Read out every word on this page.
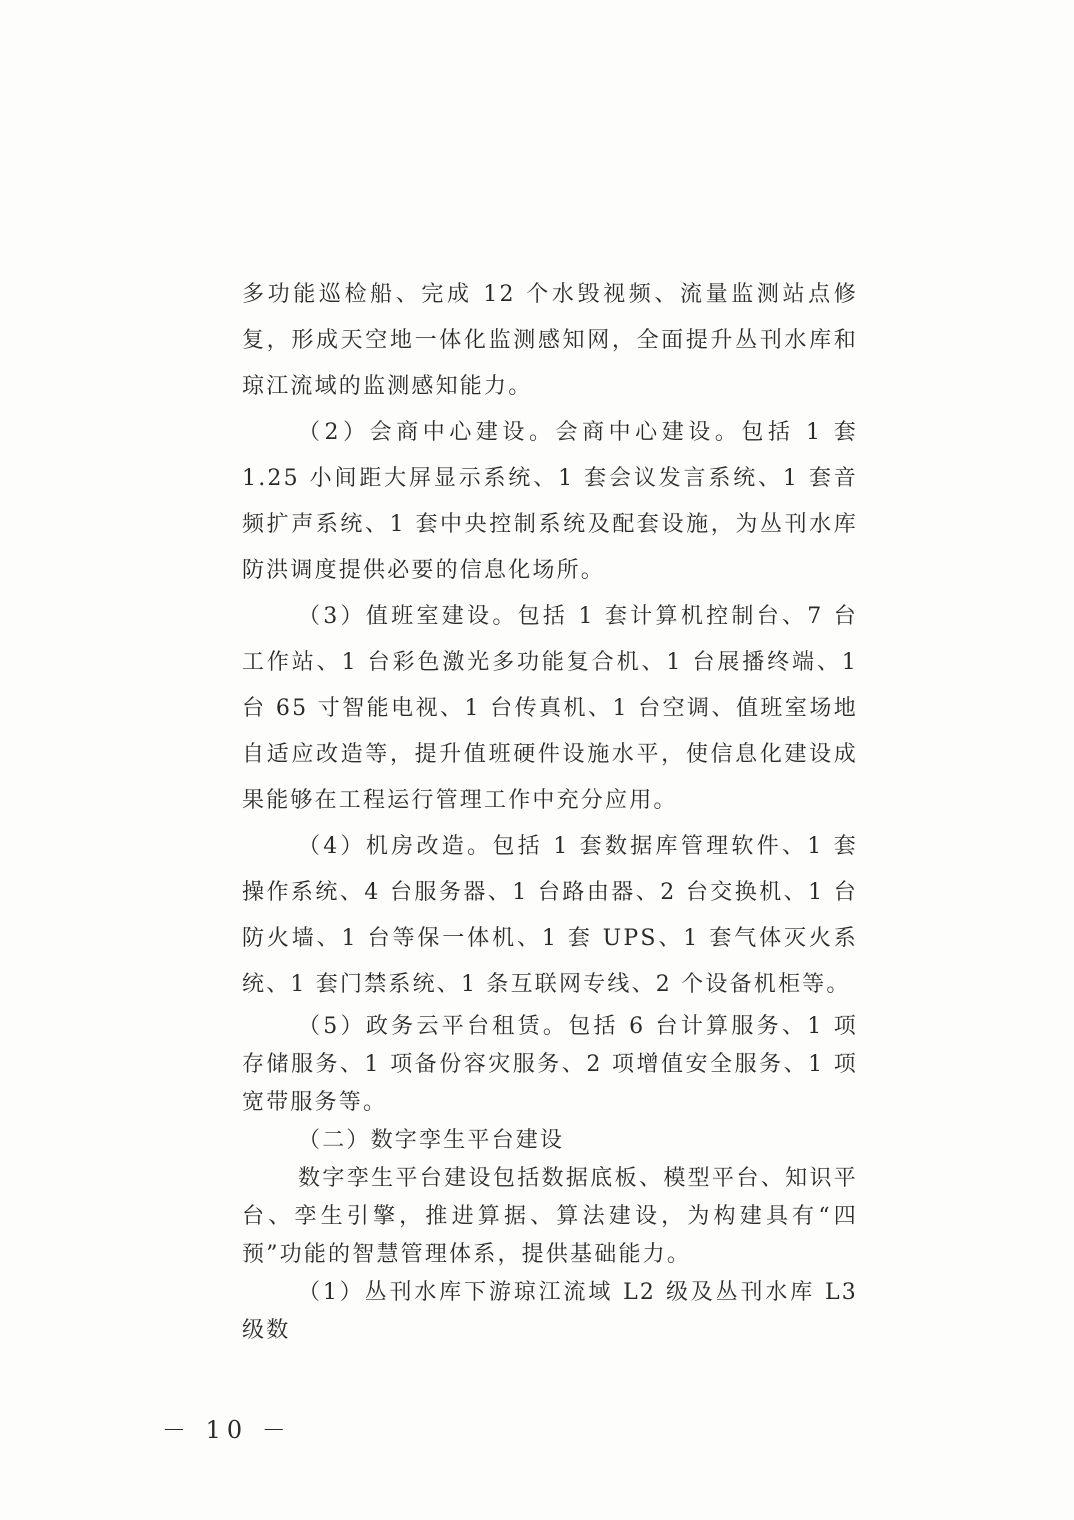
多功能巡检船、完成 12 个水毁视频、流量监测站点修复，形成天空地一体化监测感知网，全面提升丛刊水库和琼江流域的监测感知能力。

（2）会商中心建设。会商中心建设。包括 1 套 1.25 小间距大屏显示系统、1 套会议发言系统、1 套音频扩声系统、1 套中央控制系统及配套设施，为丛刊水库防洪调度提供必要的信息化场所。

（3）值班室建设。包括 1 套计算机控制台、7 台工作站、1 台彩色激光多功能复合机、1 台展播终端、1 台 65 寸智能电视、1 台传真机、1 台空调、值班室场地自适应改造等，提升值班硬件设施水平，使信息化建设成果能够在工程运行管理工作中充分应用。

（4）机房改造。包括 1 套数据库管理软件、1 套操作系统、4 台服务器、1 台路由器、2 台交换机、1 台防火墙、1 台等保一体机、1 套 UPS、1 套气体灭火系统、1 套门禁系统、1 条互联网专线、2 个设备机柜等。

（5）政务云平台租赁。包括 6 台计算服务、1 项存储服务、1 项备份容灾服务、2 项增值安全服务、1 项宽带服务等。

（二）数字孪生平台建设

数字孪生平台建设包括数据底板、模型平台、知识平台、孪生引擎，推进算据、算法建设，为构建具有“四预”功能的智慧管理体系，提供基础能力。

（1）丛刊水库下游琼江流域 L2 级及丛刊水库 L3 级数

－ 10 －
